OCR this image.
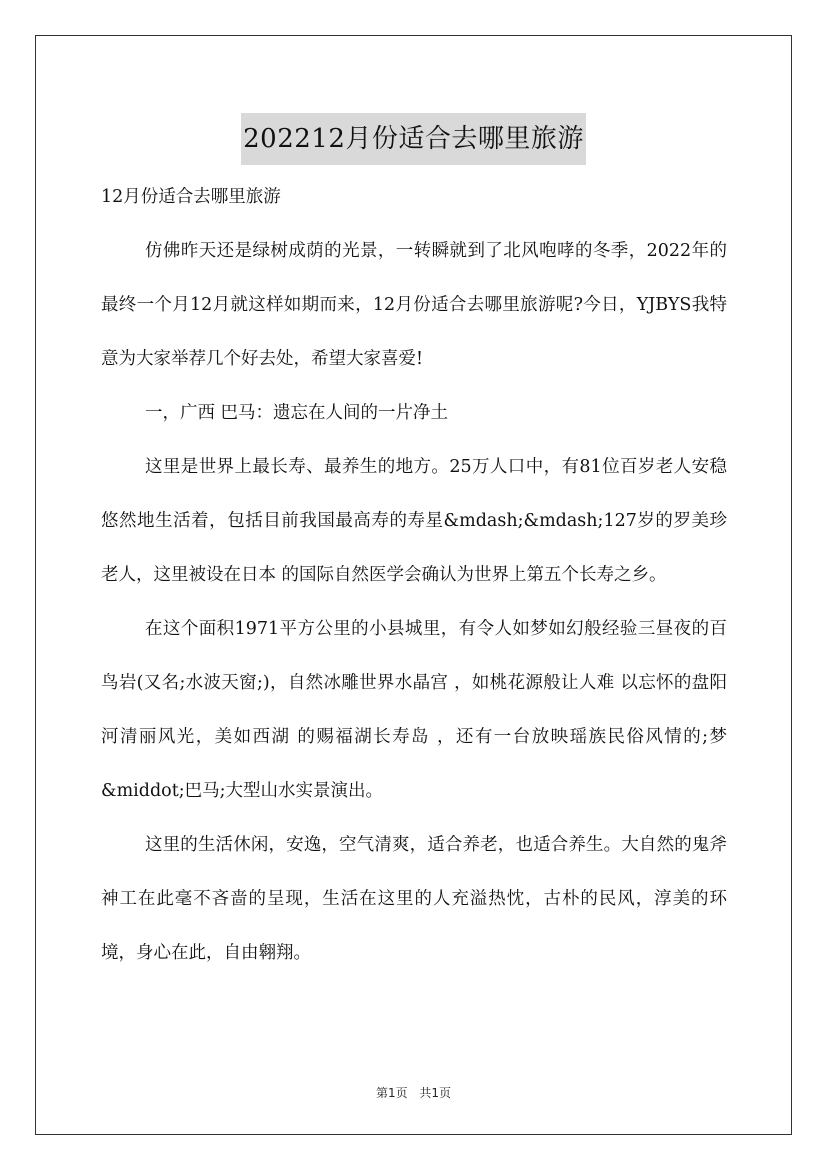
202212月份适合去哪里旅游

12月份适合去哪里旅游

仿佛昨天还是绿树成荫的光景，一转瞬就到了北风咆哮的冬季，2022年的最终一个月12月就这样如期而来，12月份适合去哪里旅游呢?今日，YJBYS我特意为大家举荐几个好去处，希望大家喜爱!

一，广西 巴马：遗忘在人间的一片净土

这里是世界上最长寿、最养生的地方。25万人口中，有81位百岁老人安稳悠然地生活着，包括目前我国最高寿的寿星&mdash;&mdash;127岁的罗美珍老人，这里被设在日本 的国际自然医学会确认为世界上第五个长寿之乡。

在这个面积1971平方公里的小县城里，有令人如梦如幻般经验三昼夜的百鸟岩(又名;水波天窗;)，自然冰雕世界水晶宫 ，如桃花源般让人难 以忘怀的盘阳河清丽风光，美如西湖 的赐福湖长寿岛 ，还有一台放映瑶族民俗风情的;梦&middot;巴马;大型山水实景演出。

这里的生活休闲，安逸，空气清爽，适合养老，也适合养生。大自然的鬼斧神工在此毫不吝啬的呈现，生活在这里的人充溢热忱，古朴的民风，淳美的环境，身心在此，自由翱翔。

第1页 共1页
